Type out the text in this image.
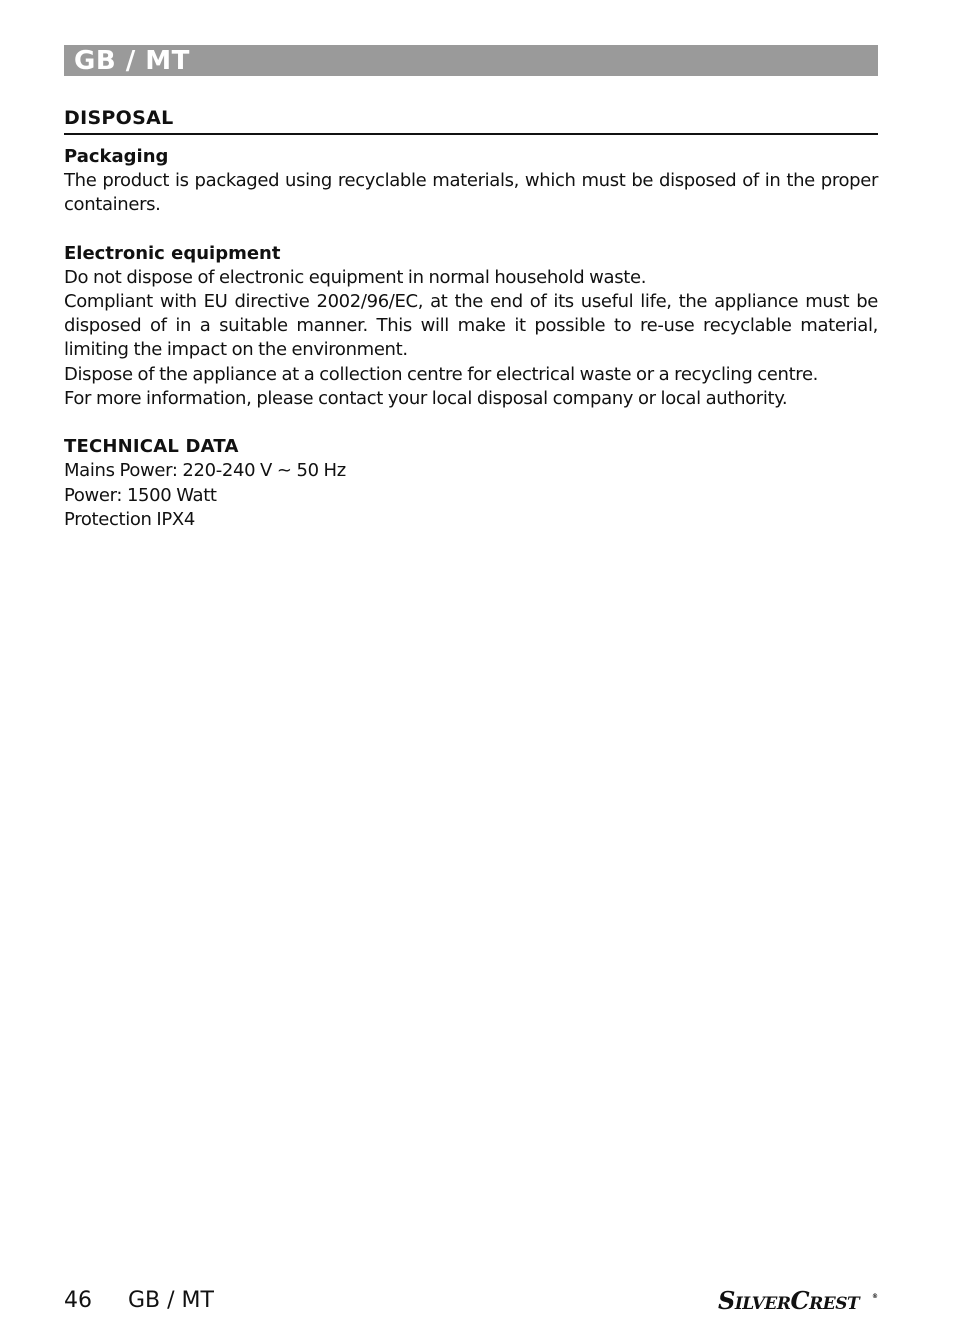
GB / MT
DISPOSAL
Packaging

The product is packaged using recyclable materials, which must be disposed of in the proper containers.

Electronic equipment

Do not dispose of electronic equipment in normal household waste.

Compliant with EU directive 2002/96/EC, at the end of its useful life, the appliance must be disposed of in a suitable manner. This will make it possible to re-use recyclable material, limiting the impact on the environment.

Dispose of the appliance at a collection centre for electrical waste or a recycling centre.

For more information, please contact your local disposal company or local authority.

TECHNICAL DATA

Mains Power: 220-240 V ~ 50 Hz

Power: 1500 Watt

Protection IPX4

46 GB / MT	SILVERCREST	®
